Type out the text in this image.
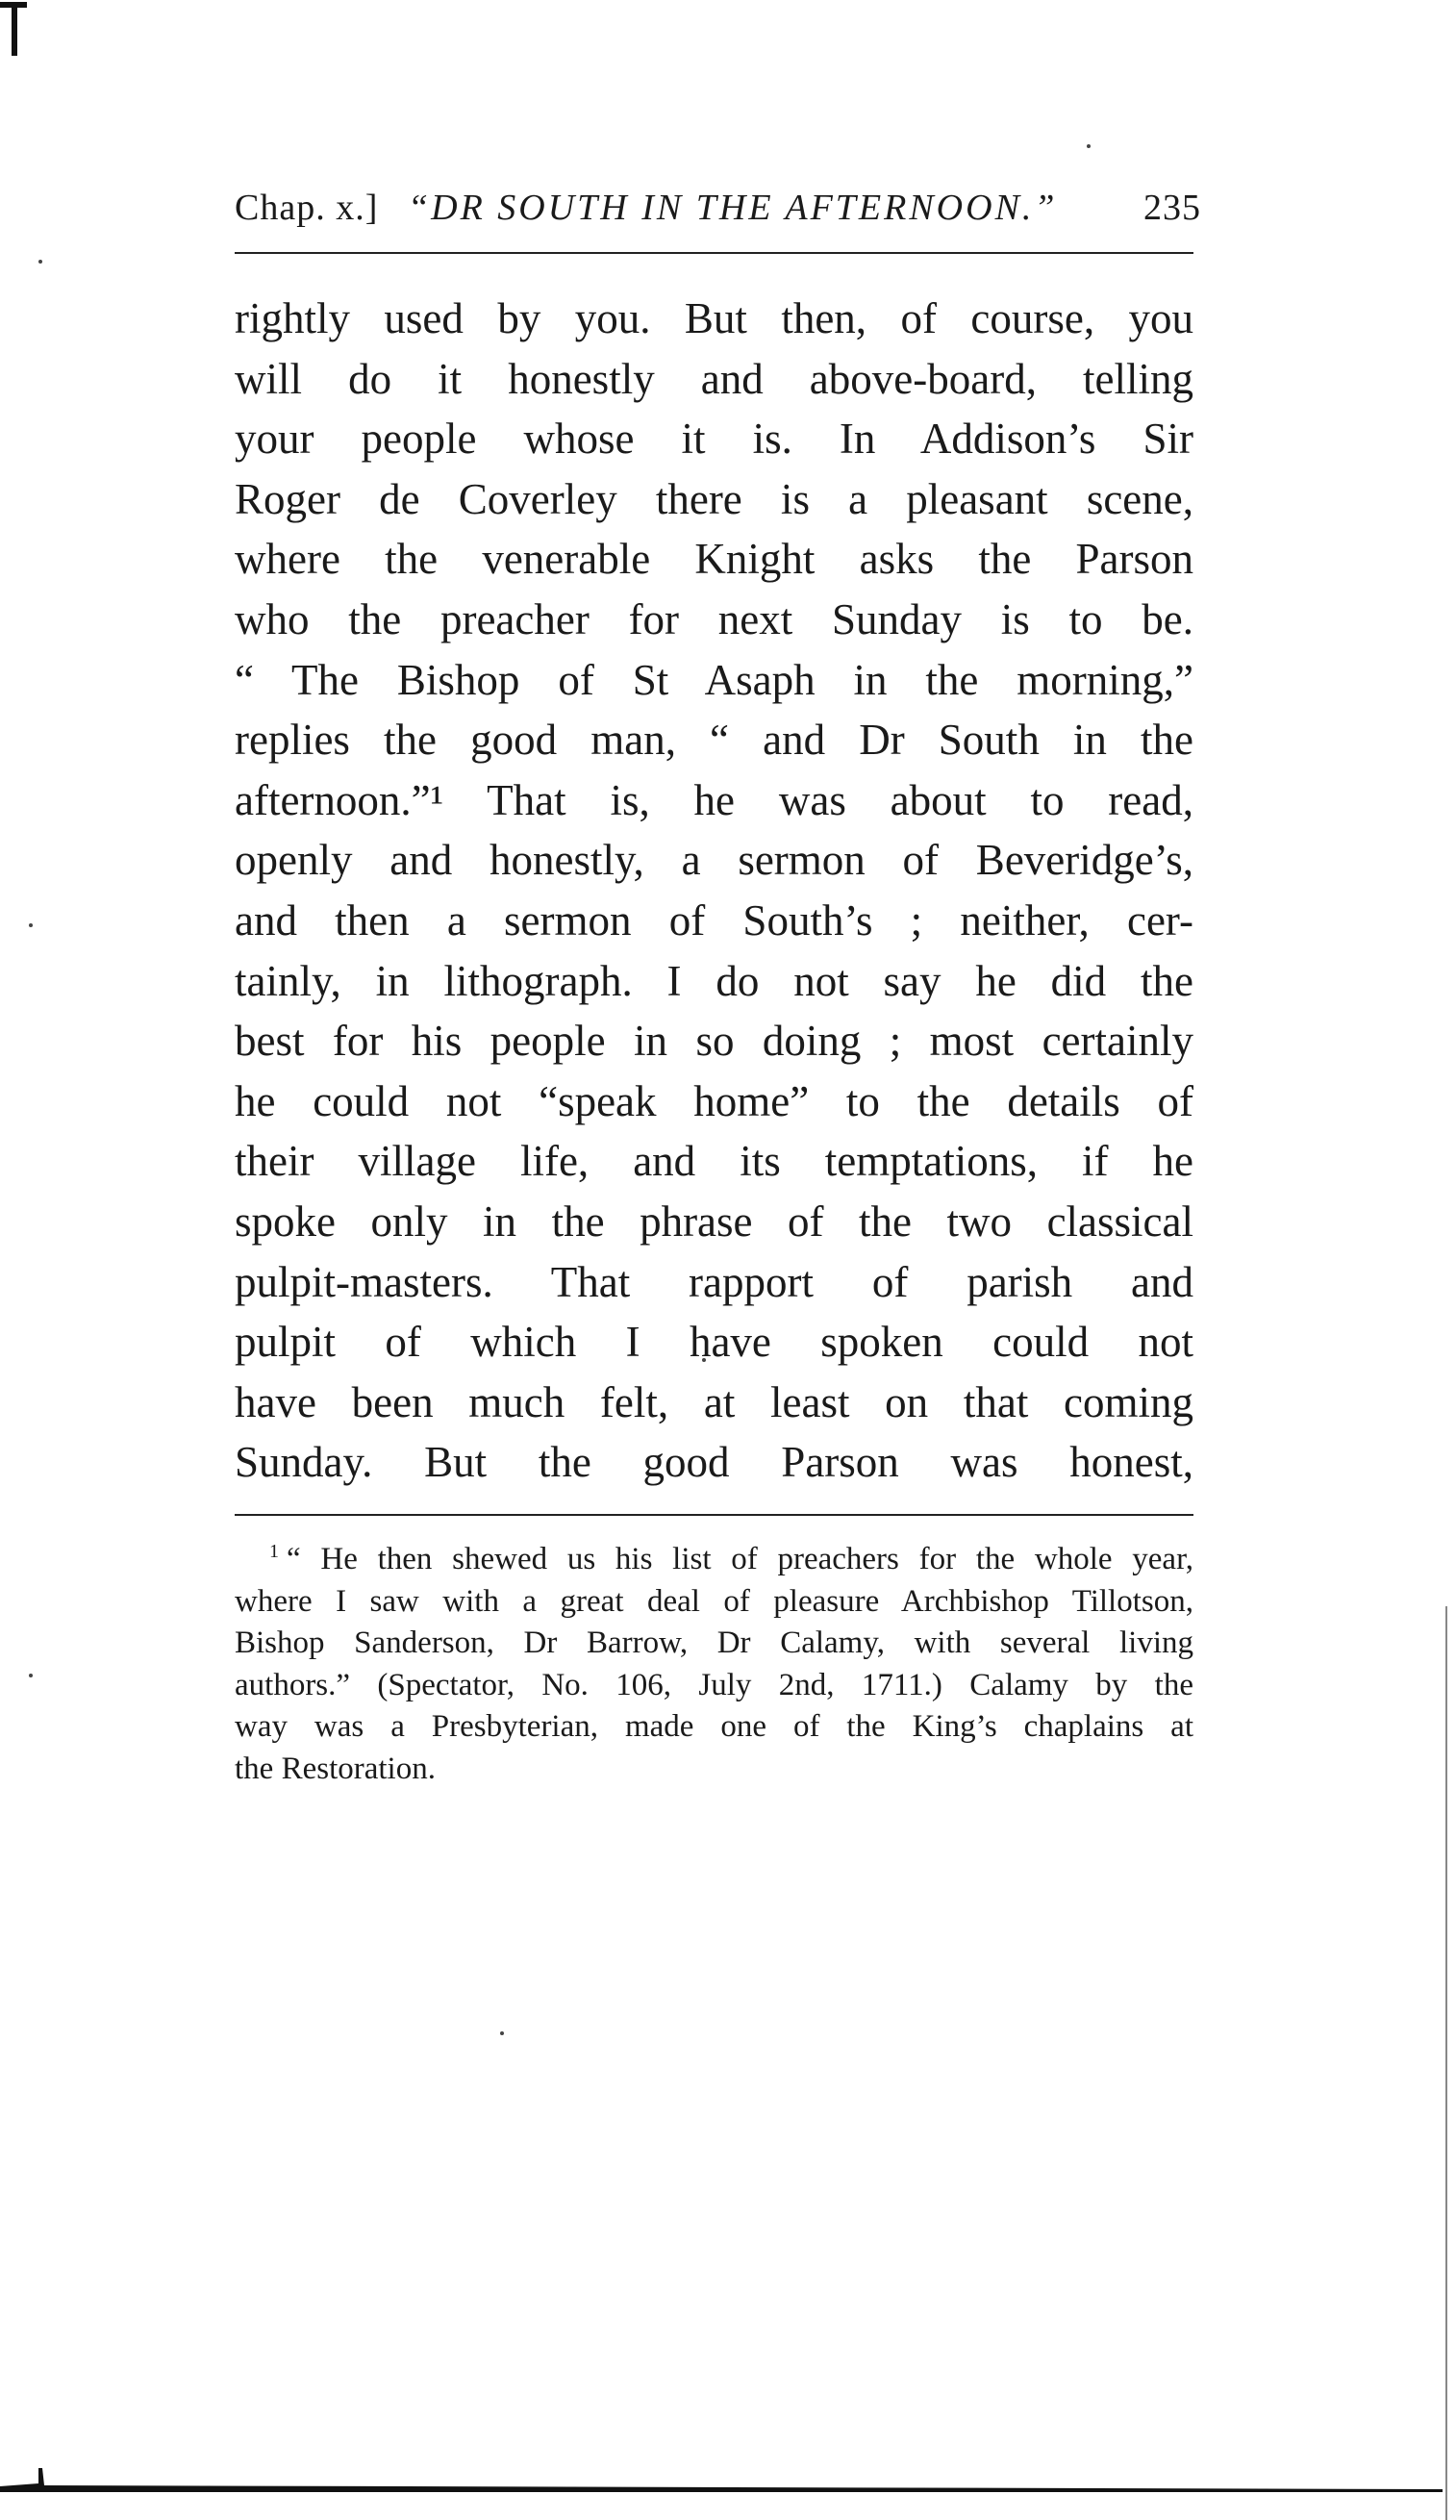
Chap. x.] “DR SOUTH IN THE AFTERNOON.” 235
rightly used by you. But then, of course, you
will do it honestly and above-board, telling
your people whose it is. In Addison’s Sir
Roger de Coverley there is a pleasant scene,
where the venerable Knight asks the Parson
who the preacher for next Sunday is to be.
“ The Bishop of St Asaph in the morning,”
replies the good man, “ and Dr South in the
afternoon.”¹ That is, he was about to read,
openly and honestly, a sermon of Beveridge’s,
and then a sermon of South’s ; neither, cer-
tainly, in lithograph. I do not say he did the
best for his people in so doing ; most certainly
he could not “speak home” to the details of
their village life, and its temptations, if he
spoke only in the phrase of the two classical
pulpit-masters. That rapport of parish and
pulpit of which I have spoken could not
have been much felt, at least on that coming
Sunday. But the good Parson was honest,
$^1$ “ He then shewed us his list of preachers for the whole year,
where I saw with a great deal of pleasure Archbishop Tillotson,
Bishop Sanderson, Dr Barrow, Dr Calamy, with several living
authors.” (Spectator, No. 106, July 2nd, 1711.) Calamy by the
way was a Presbyterian, made one of the King’s chaplains at
the Restoration.
